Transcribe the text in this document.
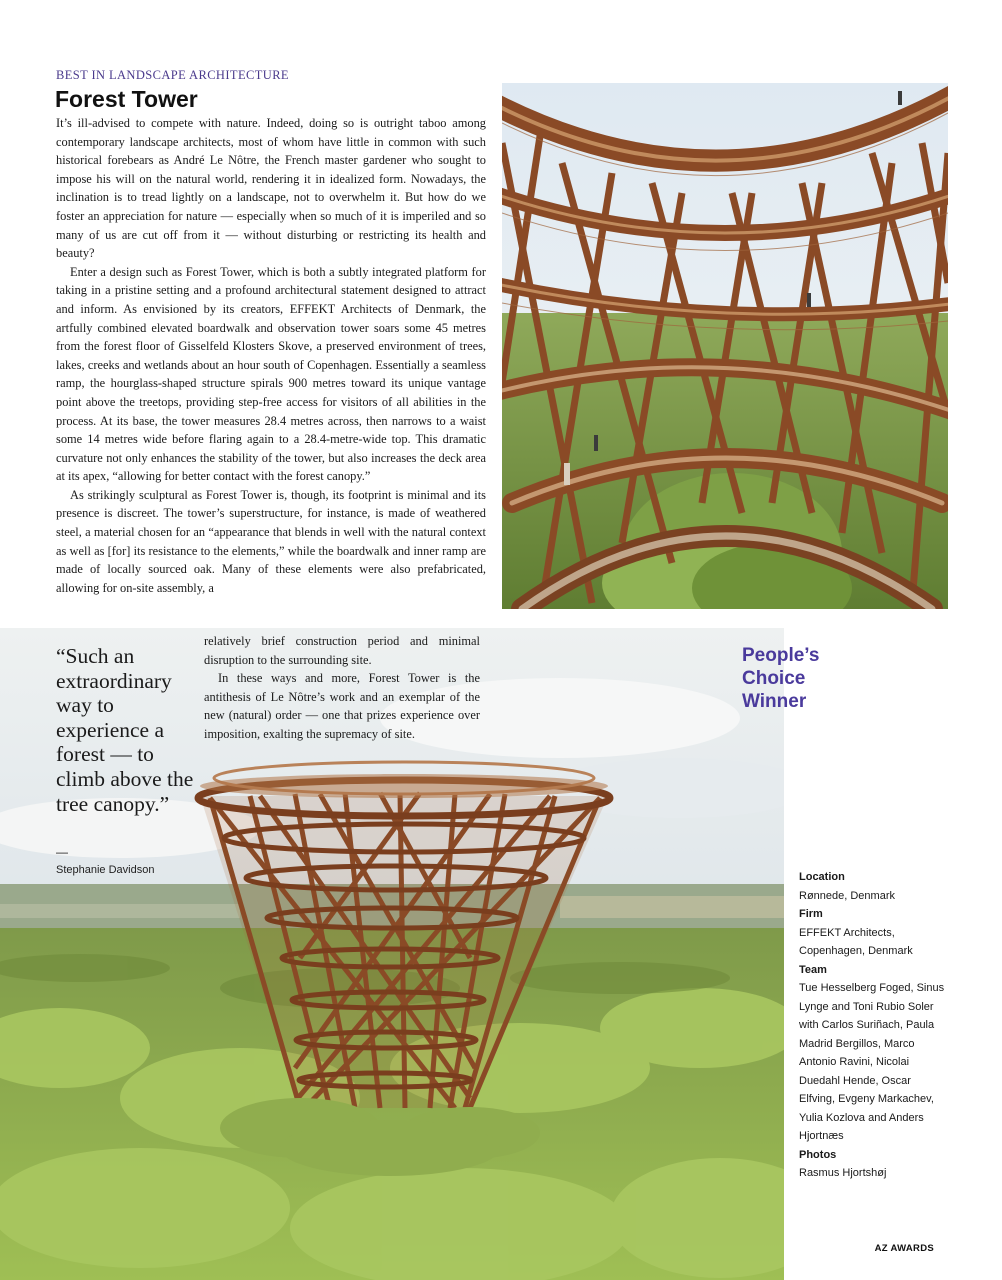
BEST IN LANDSCAPE ARCHITECTURE
Forest Tower

It’s ill-advised to compete with nature. Indeed, doing so is outright taboo among contemporary landscape architects, most of whom have little in common with such historical forebears as André Le Nôtre, the French master gardener who sought to impose his will on the natural world, rendering it in idealized form. Nowadays, the inclination is to tread lightly on a landscape, not to overwhelm it. But how do we foster an appreciation for nature — especially when so much of it is imperiled and so many of us are cut off from it — without disturbing or restricting its health and beauty?

Enter a design such as Forest Tower, which is both a subtly integrated platform for taking in a pristine setting and a profound architectural statement designed to attract and inform. As envisioned by its creators, EFFEKT Architects of Denmark, the artfully combined elevated boardwalk and observation tower soars some 45 metres from the forest floor of Gisselfeld Klosters Skove, a preserved environment of trees, lakes, creeks and wetlands about an hour south of Copenhagen. Essentially a seamless ramp, the hourglass-shaped structure spirals 900 metres toward its unique vantage point above the treetops, providing step-free access for visitors of all abilities in the process. At its base, the tower measures 28.4 metres across, then narrows to a waist some 14 metres wide before flaring again to a 28.4-metre-wide top. This dramatic curvature not only enhances the stability of the tower, but also increases the deck area at its apex, “allowing for better contact with the forest canopy.”

As strikingly sculptural as Forest Tower is, though, its footprint is minimal and its presence is discreet. The tower’s superstructure, for instance, is made of weathered steel, a material chosen for an “appearance that blends in well with the natural context as well as [for] its resistance to the elements,” while the boardwalk and inner ramp are made of locally sourced oak. Many of these elements were also prefabricated, allowing for on-site assembly, a

relatively brief construction period and minimal disruption to the surrounding site.

In these ways and more, Forest Tower is the antithesis of Le Nôtre’s work and an exemplar of the new (natural) order — one that prizes experience over imposition, exalting the supremacy of site.

“Such an extraordinary way to experience a forest — to climb above the tree canopy.”
—
Stephanie Davidson
People’s Choice Winner
Location
Rønnede, Denmark
Firm
EFFEKT Architects, Copenhagen, Denmark
Team
Tue Hesselberg Foged, Sinus Lynge and Toni Rubio Soler with Carlos Suriñach, Paula Madrid Bergillos, Marco Antonio Ravini, Nicolai Duedahl Hende, Oscar Elfving, Evgeny Markachev, Yulia Kozlova and Anders Hjortnæs
Photos
Rasmus Hjortshøj
AZ AWARDS
